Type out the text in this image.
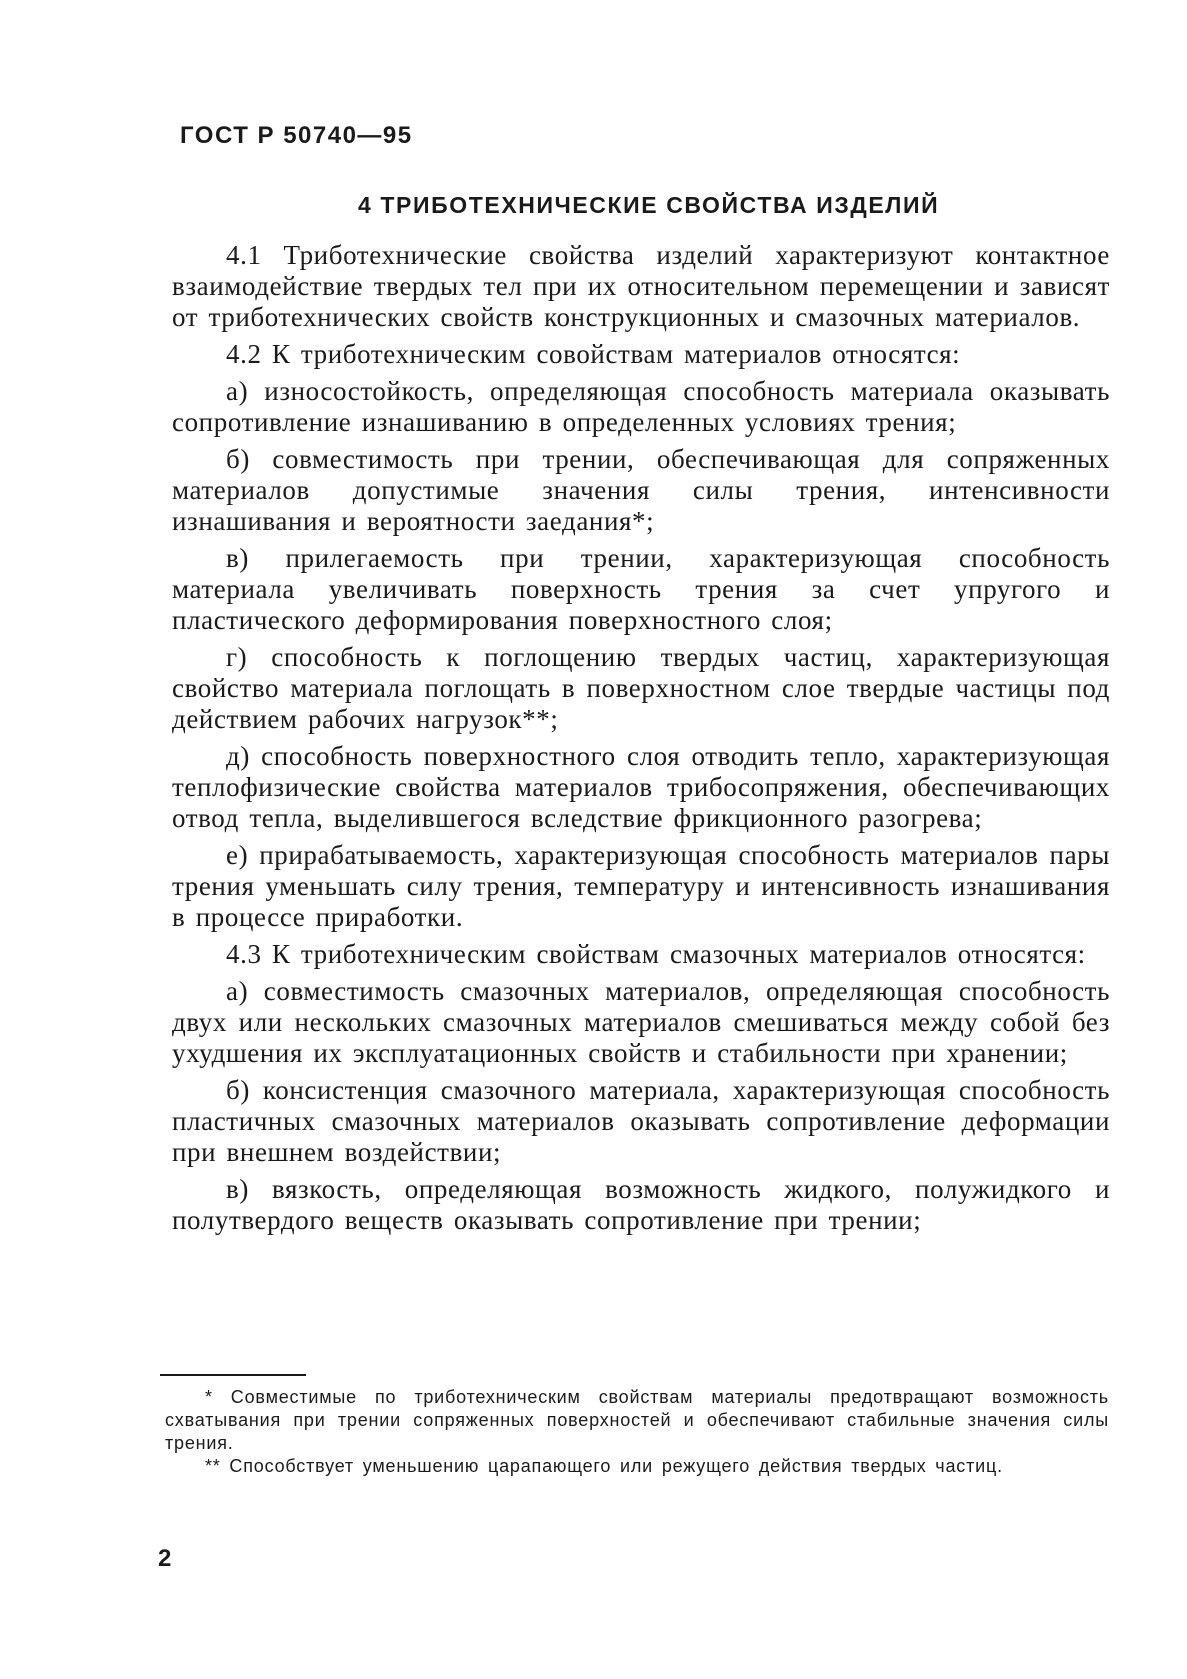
ГОСТ Р 50740—95
4 ТРИБОТЕХНИЧЕСКИЕ СВОЙСТВА ИЗДЕЛИЙ

4.1 Триботехнические свойства изделий характеризуют контактное взаимодействие твердых тел при их относительном перемещении и зависят от триботехнических свойств конструкционных и смазочных материалов.

4.2 К триботехническим совойствам материалов относятся:

а) износостойкость, определяющая способность материала оказывать сопротивление изнашиванию в определенных условиях трения;

б) совместимость при трении, обеспечивающая для сопряженных материалов допустимые значения силы трения, интенсивности изнашивания и вероятности заедания*;

в) прилегаемость при трении, характеризующая способность материала увеличивать поверхность трения за счет упругого и пластического деформирования поверхностного слоя;

г) способность к поглощению твердых частиц, характеризующая свойство материала поглощать в поверхностном слое твердые частицы под действием рабочих нагрузок**;

д) способность поверхностного слоя отводить тепло, характеризующая теплофизические свойства материалов трибосопряжения, обеспечивающих отвод тепла, выделившегося вследствие фрикционного разогрева;

е) прирабатываемость, характеризующая способность материалов пары трения уменьшать силу трения, температуру и интенсивность изнашивания в процессе приработки.

4.3 К триботехническим свойствам смазочных материалов относятся:

а) совместимость смазочных материалов, определяющая способность двух или нескольких смазочных материалов смешиваться между собой без ухудшения их эксплуатационных свойств и стабильности при хранении;

б) консистенция смазочного материала, характеризующая способность пластичных смазочных материалов оказывать сопротивление деформации при внешнем воздействии;

в) вязкость, определяющая возможность жидкого, полужидкого и полутвердого веществ оказывать сопротивление при трении;

* Совместимые по триботехническим свойствам материалы предотвращают возможность схватывания при трении сопряженных поверхностей и обеспечивают стабильные значения силы трения.

** Способствует уменьшению царапающего или режущего действия твердых частиц.

2
